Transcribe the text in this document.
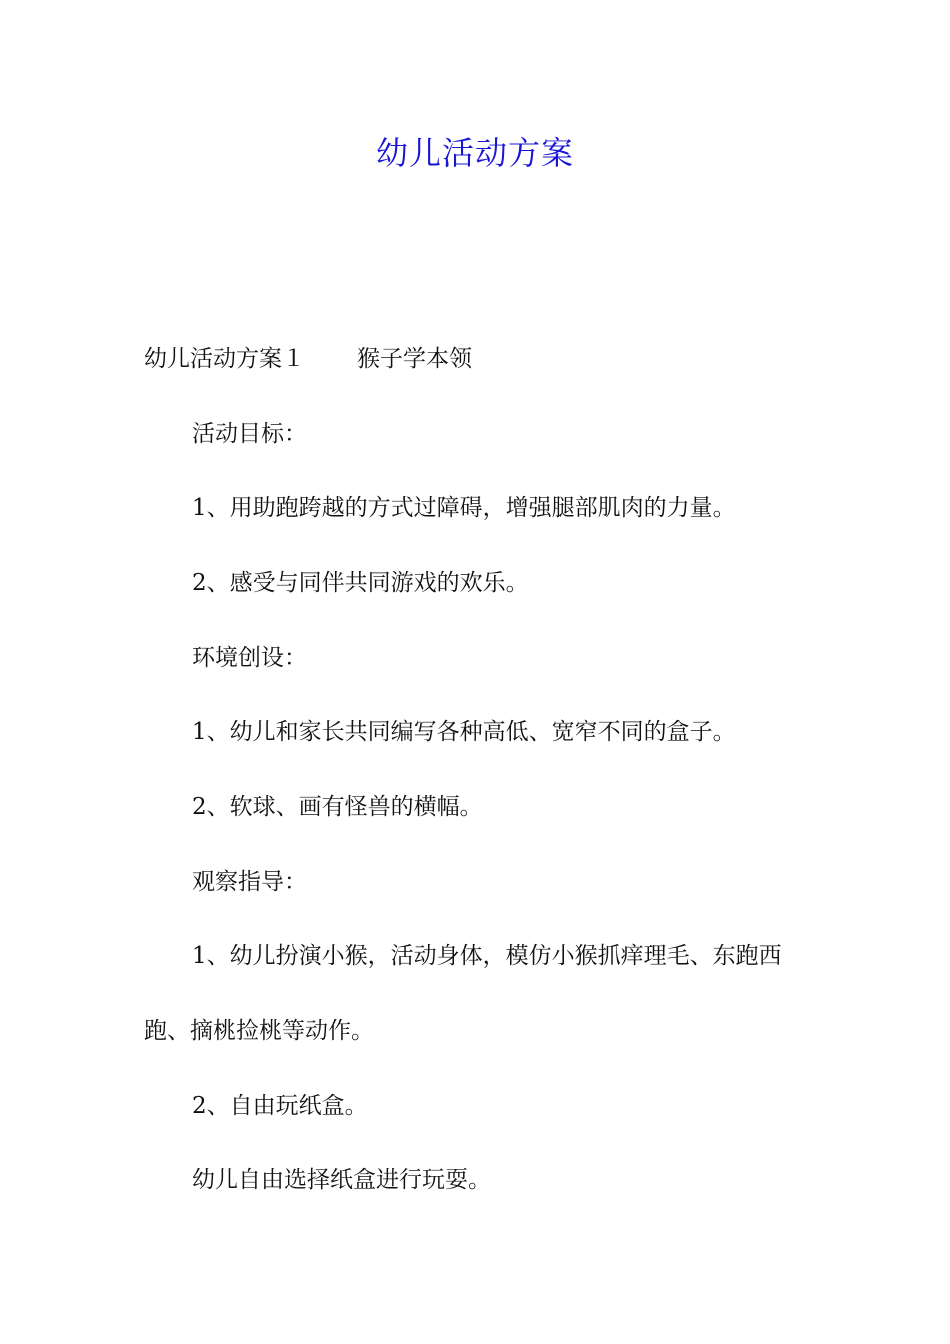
幼儿活动方案

幼儿活动方案１ 猴子学本领

活动目标：

1、用助跑跨越的方式过障碍，增强腿部肌肉的力量。

2、感受与同伴共同游戏的欢乐。

环境创设：

1、幼儿和家长共同编写各种高低、宽窄不同的盒子。

2、软球、画有怪兽的横幅。

观察指导：

1、幼儿扮演小猴，活动身体，模仿小猴抓痒理毛、东跑西

跑、摘桃捡桃等动作。

2、自由玩纸盒。

幼儿自由选择纸盒进行玩耍。
